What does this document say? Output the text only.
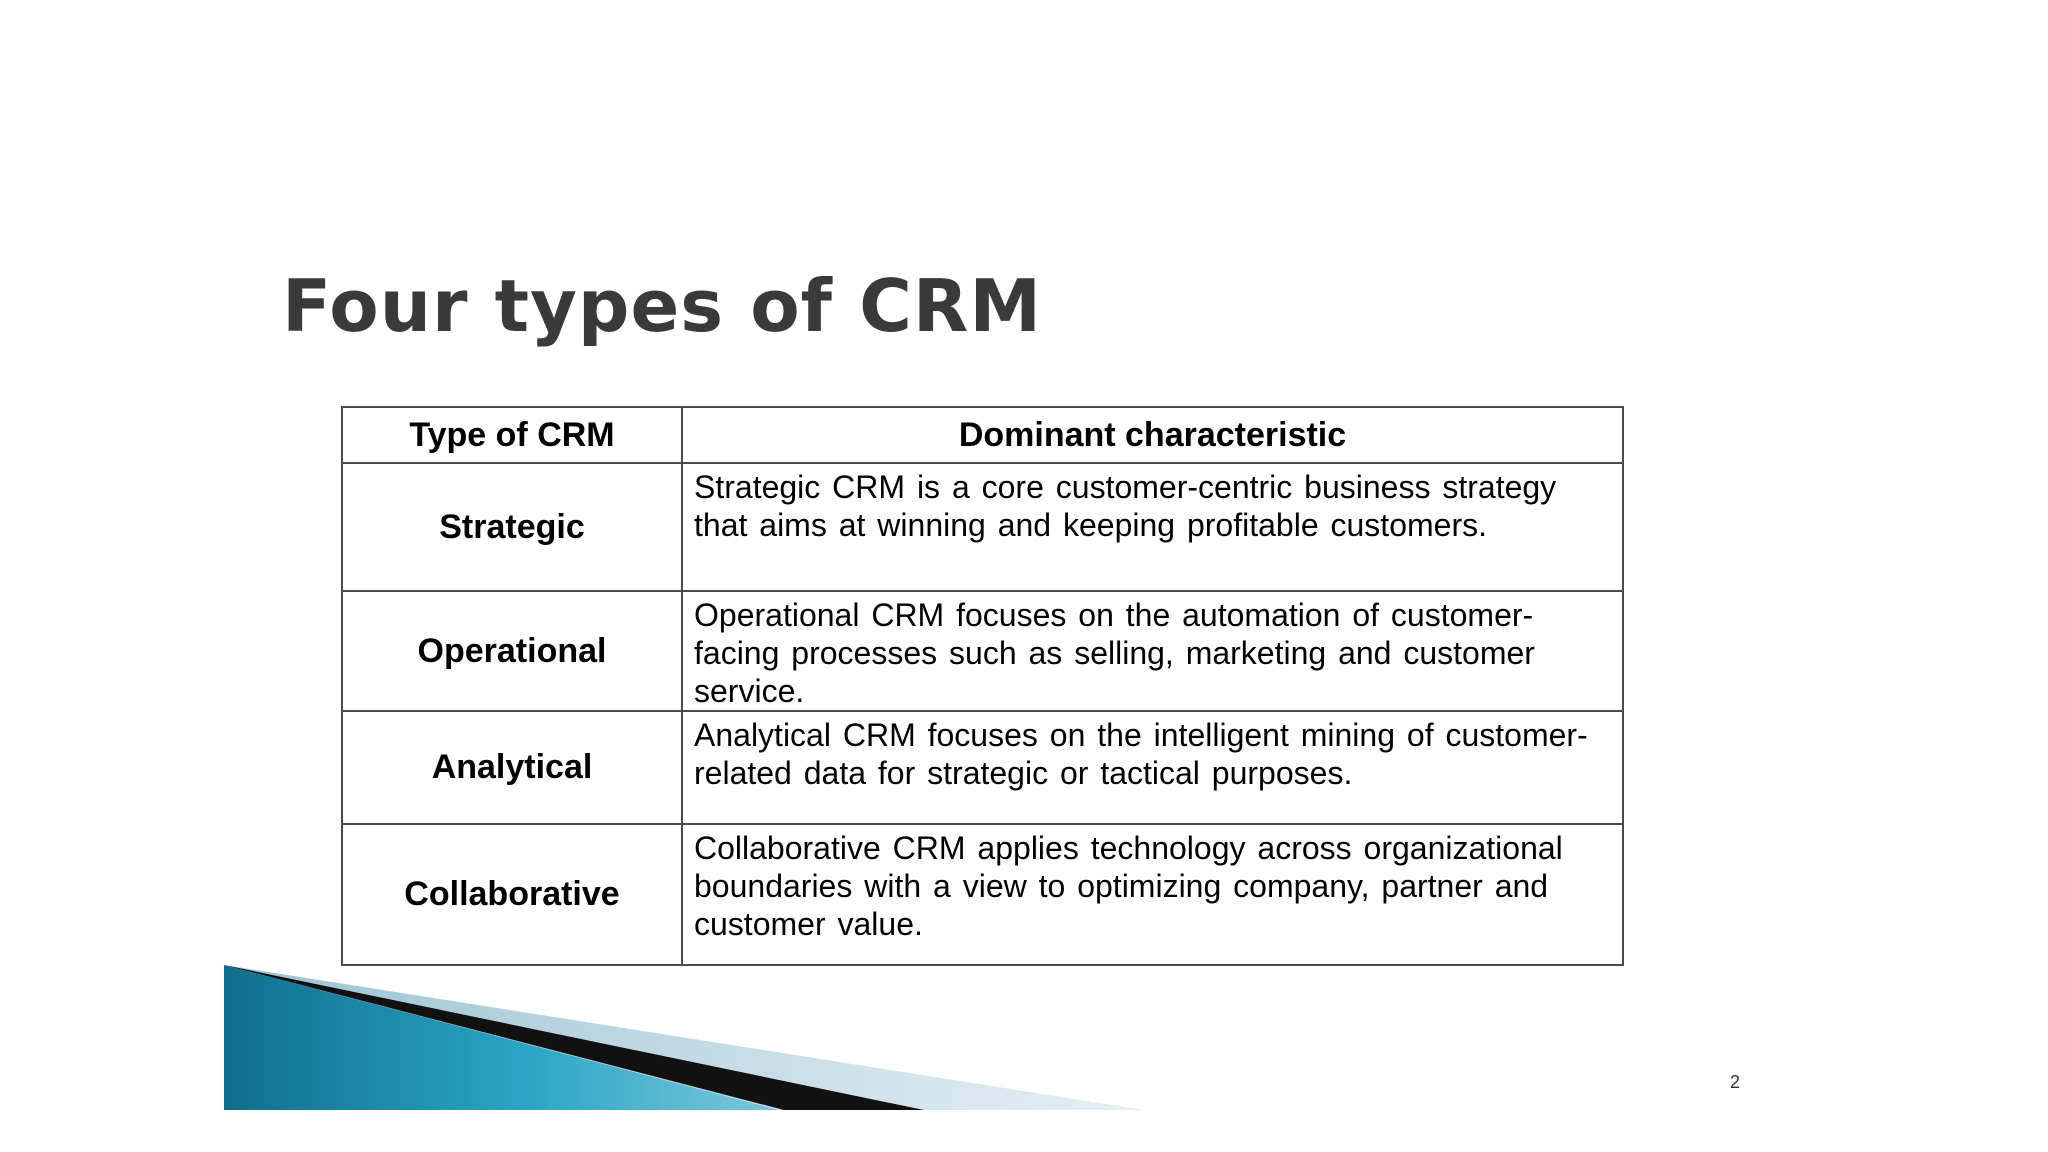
Four types of CRM
Type of CRM	Dominant characteristic
Strategic	Strategic CRM is a core customer-centric business strategy that aims at winning and keeping profitable customers.
Operational	Operational CRM focuses on the automation of customer-facing processes such as selling, marketing and customer service.
Analytical	Analytical CRM focuses on the intelligent mining of customer-related data for strategic or tactical purposes.
Collaborative	Collaborative CRM applies technology across organizational boundaries with a view to optimizing company, partner and customer value.
2
